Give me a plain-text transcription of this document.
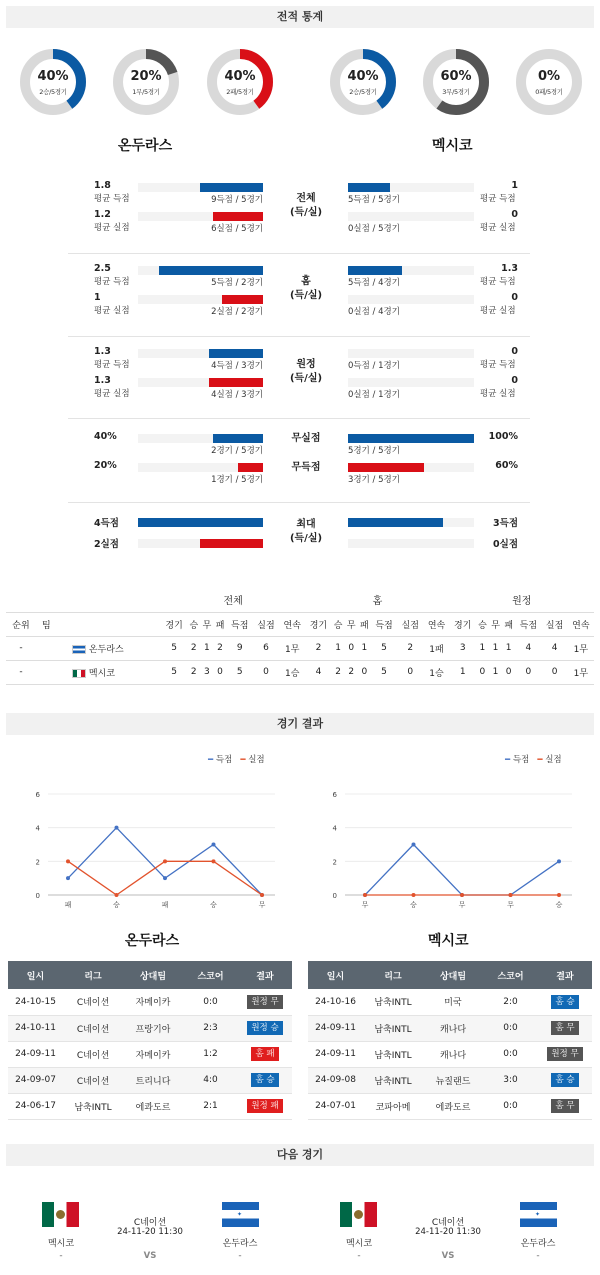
전적 통계
40%
2승/5경기
20%
1무/5경기
40%
2패/5경기
40%
2승/5경기
60%
3무/5경기
0%
0패/5경기
온두라스	멕시코
전체
(득/실)
1.8	1
평균 득점	평균 득점
9득점 / 5경기	5득점 / 5경기
1.2	0
평균 실점	평균 실점
6실점 / 5경기	0실점 / 5경기
홈
(득/실)
2.5	1.3
평균 득점	평균 득점
5득점 / 2경기	5득점 / 4경기
1	0
평균 실점	평균 실점
2실점 / 2경기	0실점 / 4경기
원정
(득/실)
1.3	0
평균 득점	평균 득점
4득점 / 3경기	0득점 / 1경기
1.3	0
평균 실점	평균 실점
4실점 / 3경기	0실점 / 1경기
40%	100%
2경기 / 5경기	5경기 / 5경기
무실점
20%	60%
1경기 / 5경기	3경기 / 5경기
무득점
4득점	3득점
2실점	0실점
최대
(득/실)
		전체							홈							원정						
순위	팀	경기	승	무	패	득점	실점	연속	경기	승	무	패	득점	실점	연속	경기	승	무	패	득점	실점	연속
-	온두라스	5	2	1	2	9	6	1무	2	1	0	1	5	2	1패	3	1	1	1	4	4	1무
-	멕시코	5	2	3	0	5	0	1승	4	2	2	0	5	0	1승	1	0	1	0	0	0	1무
경기 결과
━ 득점 ━ 실점	━ 득점 ━ 실점
0
2
4
6
패	승	패	승	무
0
2
4
6
무	승	무	무	승
온두라스	멕시코
일시	리그	상대팀	스코어	결과
24-10-15	C네이션	자메이카	0:0	원정 무
24-10-11	C네이션	프랑기아	2:3	원정 승
24-09-11	C네이션	자메이카	1:2	홈 패
24-09-07	C네이션	트리니다	4:0	홈 승
24-06-17	남축INTL	에콰도르	2:1	원정 패
일시	리그	상대팀	스코어	결과
24-10-16	남축INTL	미국	2:0	홈 승
24-09-11	남축INTL	캐나다	0:0	홈 무
24-09-11	남축INTL	캐나다	0:0	원정 무
24-09-08	남축INTL	뉴질랜드	3:0	홈 승
24-07-01	코파아메	에콰도르	0:0	홈 무
다음 경기
✦
멕시코
-
온두라스
-
C네이션
24-11-20 11:30
VS
✦
멕시코
-
온두라스
-
C네이션
24-11-20 11:30
VS
